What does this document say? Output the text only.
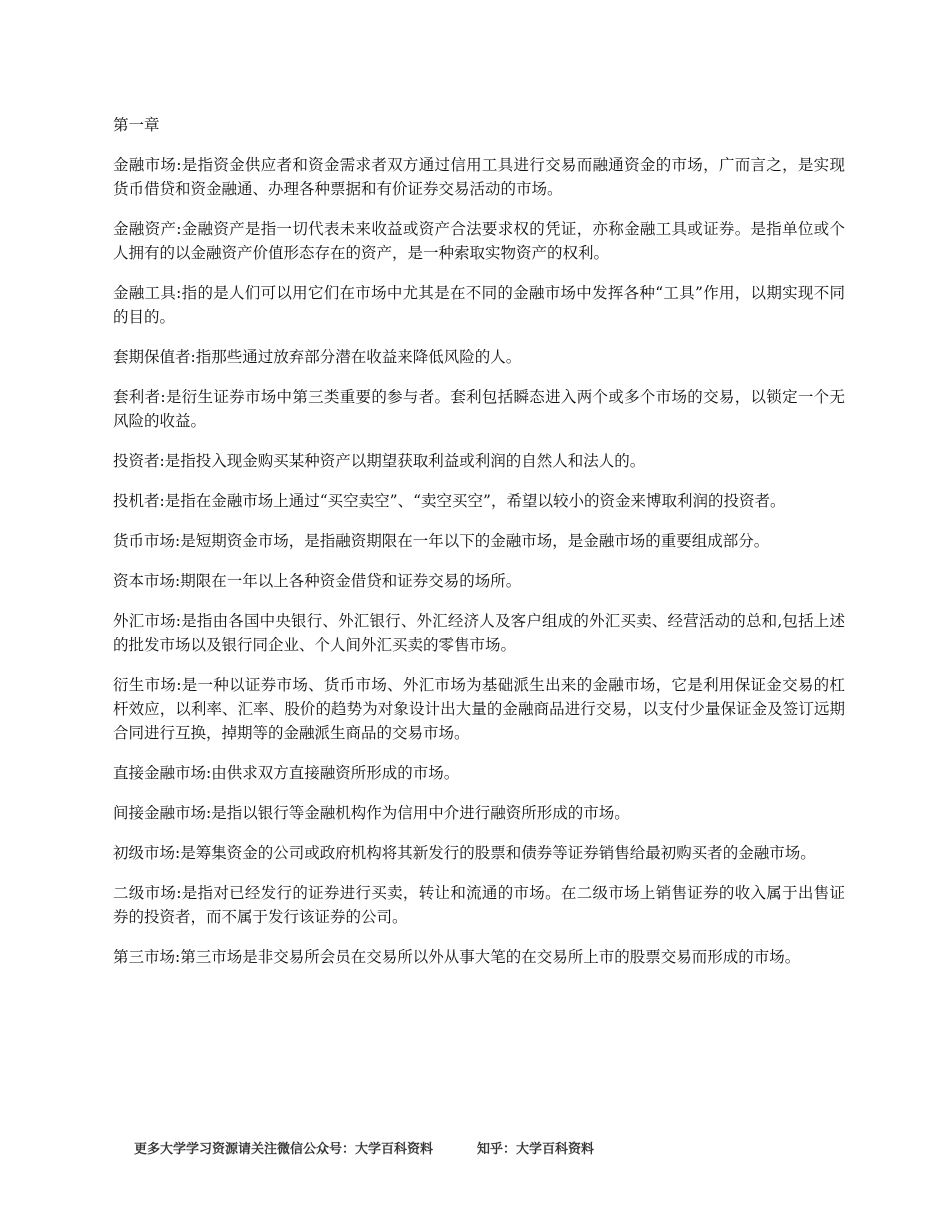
第一章

金融市场 : 是指资金供应者和资金需求者双方通过信用工具进行交易而融通资金的市场，广而言之，是实现货币借贷和资金融通、办理各种票据和有价证券交易活动的市场。

金融资产 : 金融资产是指一切代表未来收益或资产合法要求权的凭证，亦称金融工具或证券。是指单位或个人拥有的以金融资产价值形态存在的资产，是一种索取实物资产的权利。

金融工具 : 指的是人们可以用它们在市场中尤其是在不同的金融市场中发挥各种“工具”作用，以期实现不同的目的。

套期保值者 : 指那些通过放弃部分潜在收益来降低风险的人。

套利者 : 是衍生证券市场中第三类重要的参与者。套利包括瞬态进入两个或多个市场的交易，以锁定一个无风险的收益。

投资者 : 是指投入现金购买某种资产以期望获取利益或利润的自然人和法人的。

投机者 : 是指在金融市场上通过“买空卖空”、“卖空买空”，希望以较小的资金来博取利润的投资者。

货币市场 : 是短期资金市场，是指融资期限在一年以下的金融市场，是金融市场的重要组成部分。

资本市场 : 期限在一年以上各种资金借贷和证券交易的场所。

外汇市场 : 是指由各国中央银行、外汇银行、外汇经济人及客户组成的外汇买卖、经营活动的总和,包括上述的批发市场以及银行同企业、个人间外汇买卖的零售市场。

衍生市场 : 是一种以证券市场、货币市场、外汇市场为基础派生出来的金融市场，它是利用保证金交易的杠杆效应，以利率、汇率、股价的趋势为对象设计出大量的金融商品进行交易，以支付少量保证金及签订远期合同进行互换，掉期等的金融派生商品的交易市场。

直接金融市场 : 由供求双方直接融资所形成的市场。

间接金融市场 : 是指以银行等金融机构作为信用中介进行融资所形成的市场。

初级市场 : 是筹集资金的公司或政府机构将其新发行的股票和债券等证券销售给最初购买者的金融市场。

二级市场 : 是指对已经发行的证券进行买卖，转让和流通的市场。在二级市场上销售证券的收入属于出售证券的投资者，而不属于发行该证券的公司。

第三市场 : 第三市场是非交易所会员在交易所以外从事大笔的在交易所上市的股票交易而形成的市场。

更多大学学习资源请关注微信公众号：大学百科资料	知乎：大学百科资料
